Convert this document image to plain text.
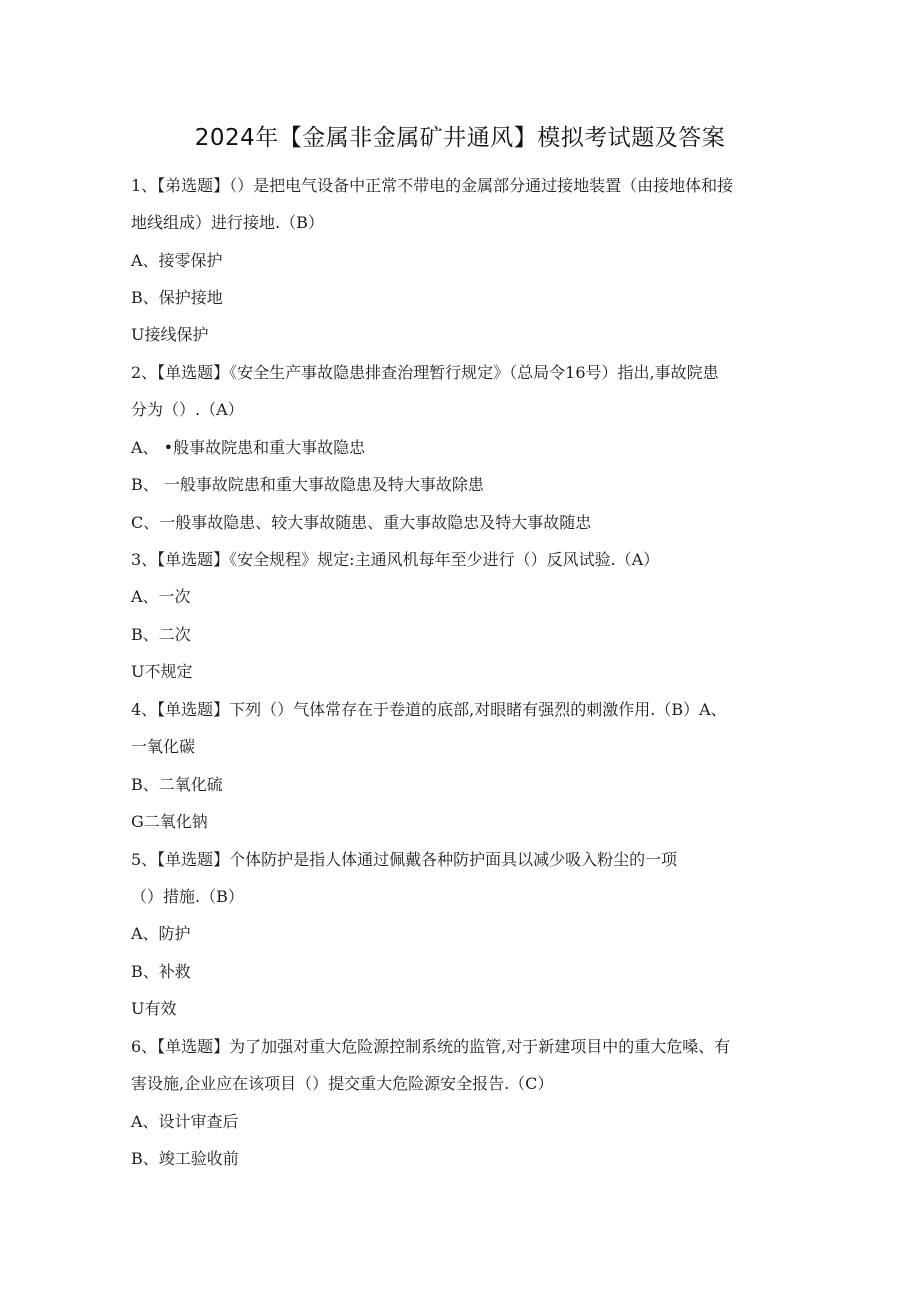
2024年【金属非金属矿井通风】模拟考试题及答案
1、【弟选题】（）是把电气设备中正常不带电的金属部分通过接地装置（由接地体和接
地线组成）进行接地.（B）
A、接零保护
B、保护接地
U接线保护
2、【单选题】《安全生产事故隐患排查治理暂行规定》（总局令16号）指出,事故院患
分为（）.（A）
A、 •般事故院患和重大事故隐忠
B、 一般事故院患和重大事故隐患及特大事故除患
C、一般事故隐患、较大事故随患、重大事故隐忠及特大事故随忠
3、【单选题】《安全规程》规定:主通风机每年至少进行（）反风试验.（A）
A、一次
B、二次
U不规定
4、【单选题】下列（）气体常存在于卷道的底部,对眼睹有强烈的刺激作用.（B）A、
一氧化碳
B、二氧化硫
G二氧化钠
5、【单选题】个体防护是指人体通过佩戴各种防护面具以减少吸入粉尘的一项
（）措施.（B）
A、防护
B、补救
U有效
6、【单选题】为了加强对重大危险源控制系统的监管,对于新建项目中的重大危嗓、有
害设施,企业应在该项目（）提交重大危险源安全报告.（C）
A、设计审查后
B、竣工验收前
